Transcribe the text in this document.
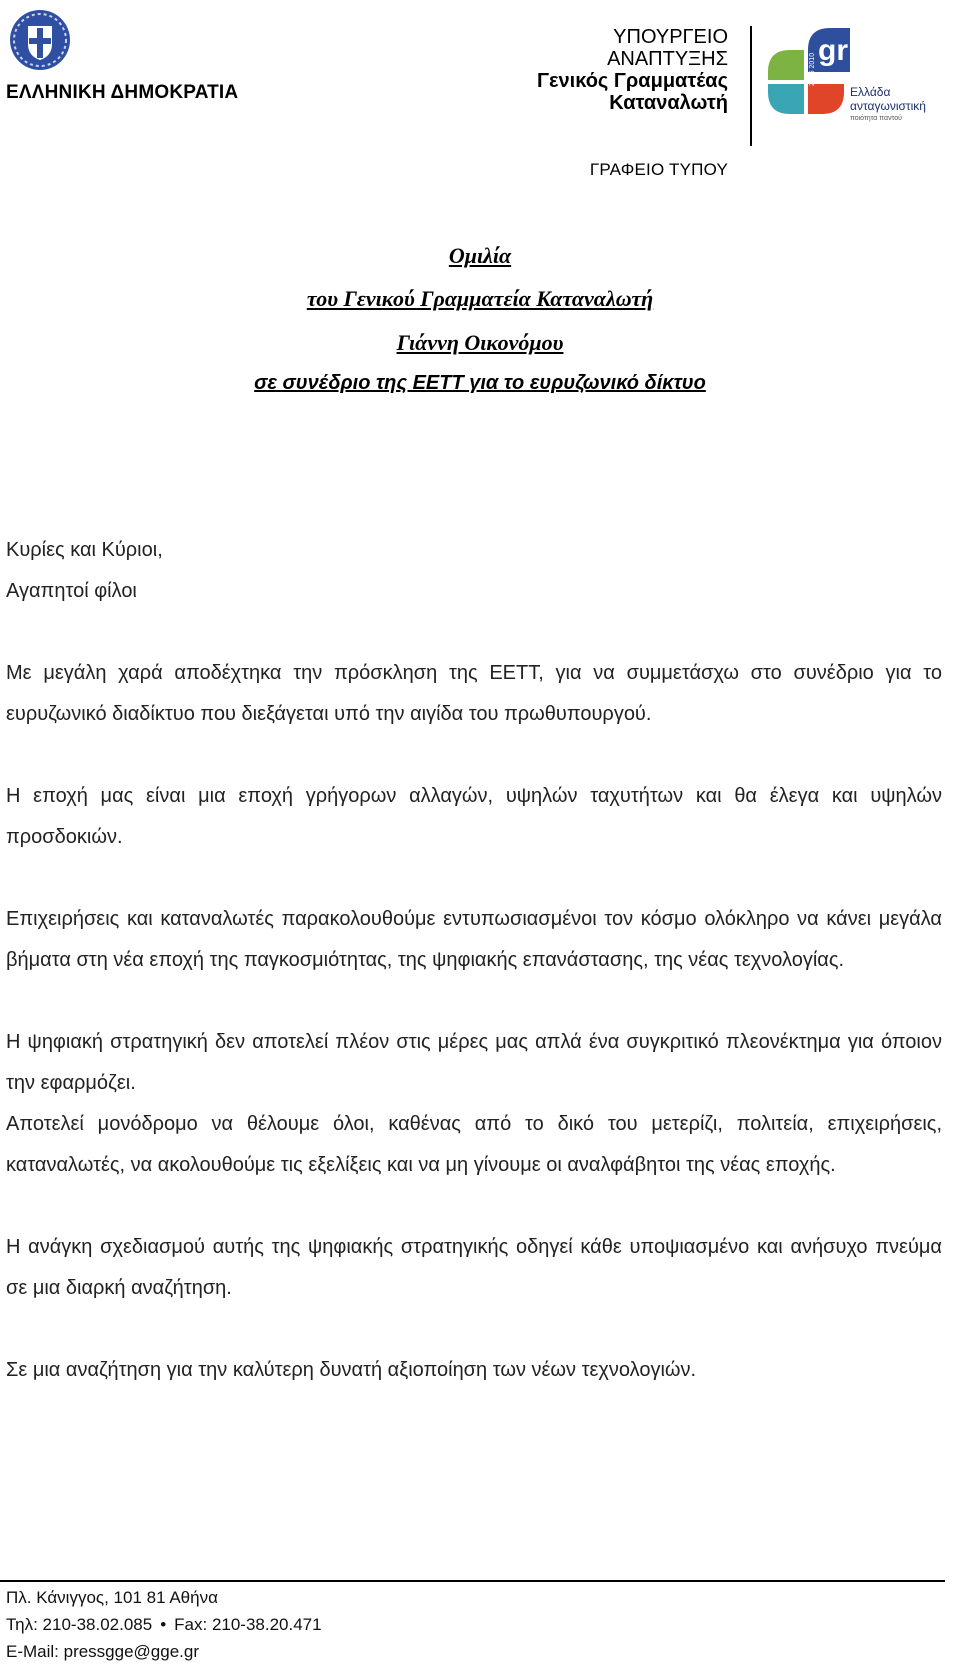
ΕΛΛΗΝΙΚΗ ΔΗΜΟΚΡΑΤΙΑ
ΥΠΟΥΡΓΕΙΟ
ΑΝΑΠΤΥΞΗΣ
Γενικός Γραμματέας
Καταναλωτή
gr
2005 2010
Ελλάδα
ανταγωνιστική
ποιότητα παντού
ΓΡΑΦΕΙΟ ΤΥΠΟΥ
Ομιλία
του Γενικού Γραμματεία Καταναλωτή
Γιάννη Οικονόμου
σε συνέδριο της ΕΕΤΤ για το ευρυζωνικό δίκτυο

Κυρίες και Κύριοι,

Αγαπητοί φίλοι

Με μεγάλη χαρά αποδέχτηκα την πρόσκληση της ΕΕΤΤ, για να συμμετάσχω στο συνέδριο για το ευρυζωνικό διαδίκτυο που διεξάγεται υπό την αιγίδα του πρωθυπουργού.

Η εποχή μας είναι μια εποχή γρήγορων αλλαγών, υψηλών ταχυτήτων και θα έλεγα και υψηλών προσδοκιών.

Επιχειρήσεις και καταναλωτές παρακολουθούμε εντυπωσιασμένοι τον κόσμο ολόκληρο να κάνει μεγάλα βήματα στη νέα εποχή της παγκοσμιότητας, της ψηφιακής επανάστασης, της νέας τεχνολογίας.

Η ψηφιακή στρατηγική δεν αποτελεί πλέον στις μέρες μας απλά ένα συγκριτικό πλεονέκτημα για όποιον την εφαρμόζει.

Αποτελεί μονόδρομο να θέλουμε όλοι, καθένας από το δικό του μετερίζι, πολιτεία, επιχειρήσεις, καταναλωτές, να ακολουθούμε τις εξελίξεις και να μη γίνουμε οι αναλφάβητοι της νέας εποχής.

Η ανάγκη σχεδιασμού αυτής της ψηφιακής στρατηγικής οδηγεί κάθε υποψιασμένο και ανήσυχο πνεύμα σε μια διαρκή αναζήτηση.

Σε μια αναζήτηση για την καλύτερη δυνατή αξιοποίηση των νέων τεχνολογιών.

Πλ. Κάνιγγος, 101 81 Αθήνα
Τηλ: 210-38.02.085 • Fax: 210-38.20.471
E-Mail: pressgge@gge.gr
